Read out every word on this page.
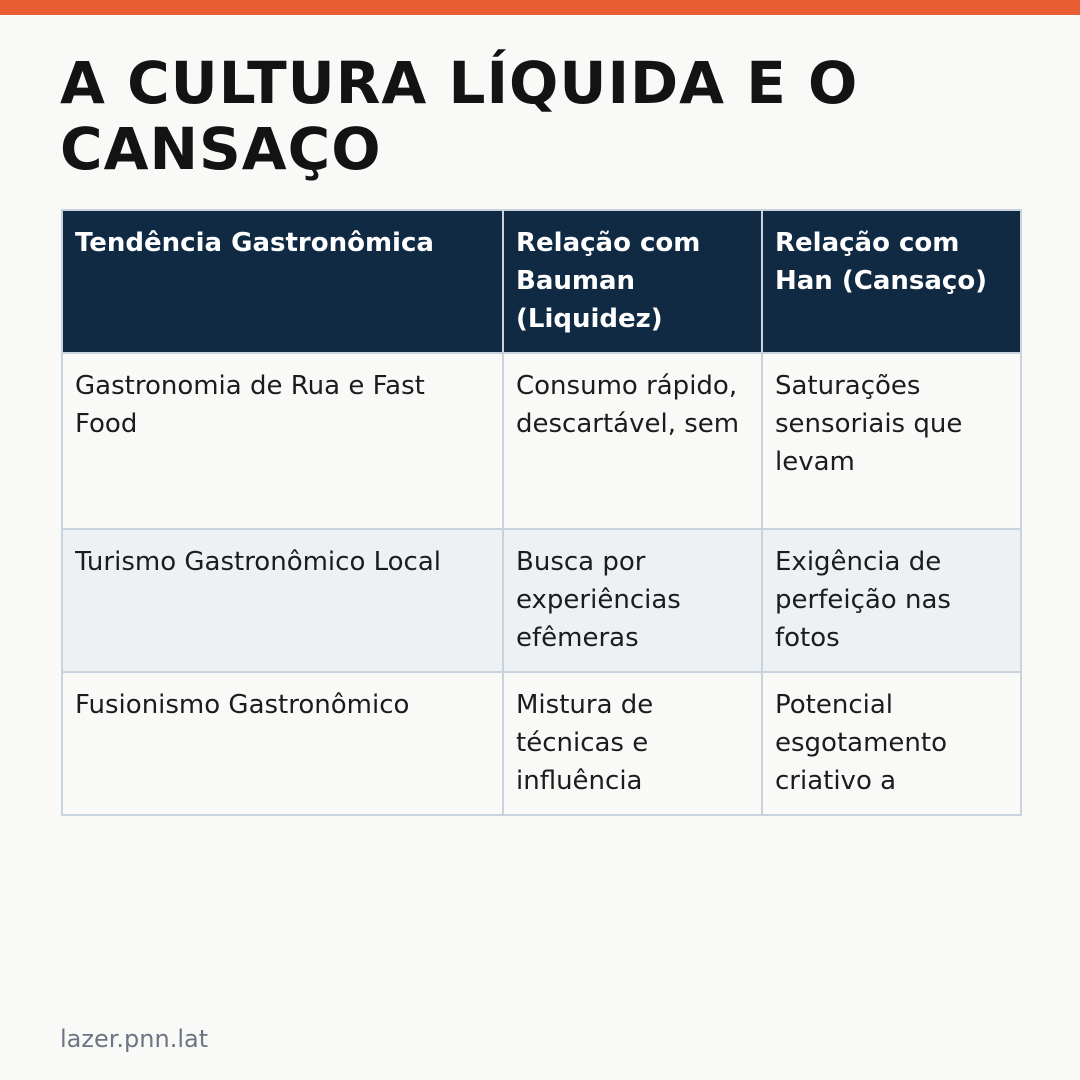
A CULTURA LÍQUIDA E O CANSAÇO
Tendência Gastronômica	Relação com Bauman (Liquidez)	Relação com Han (Cansaço)

Gastronomia de Rua e Fast Food	Consumo rápido, descartável, sem	Saturações sensoriais que levam

Turismo Gastronômico Local	Busca por experiências efêmeras	Exigência de perfeição nas fotos

Fusionismo Gastronômico	Mistura de técnicas e influência	Potencial esgotamento criativo a
lazer.pnn.lat
